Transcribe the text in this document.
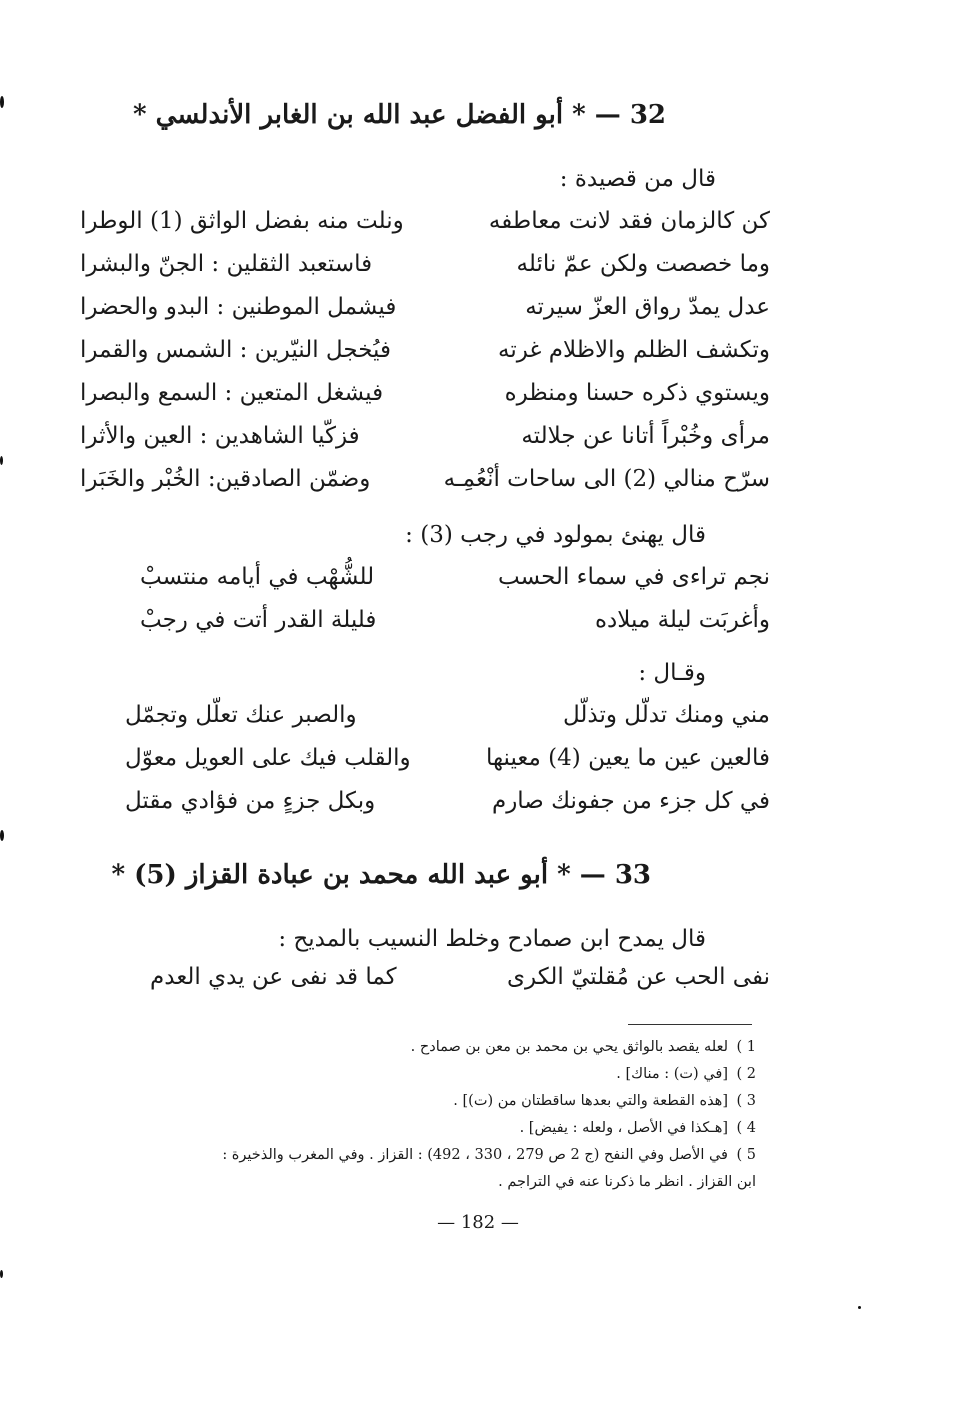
32 — * أبو الفضل عبد الله بن الغابر الأندلسي *
قال من قصيدة :
كن كالزمان فقد لانت معاطفه
ونلت منه بفضل الواثق (1) الوطرا
وما خصصت ولكن عمّ نائله
فاستعبد الثقلين : الجنّ والبشرا
عدل يمدّ رواق العزّ سيرته
فيشمل الموطنين : البدو والحضرا
وتكشف الظلم والاظلام غرته
فيُخجل النيّرين : الشمس والقمرا
ويستوي ذكره حسنا ومنظره
فيشغل المتعين : السمع والبصرا
مرأى وخُبْراً أتانا عن جلالته
فزكّيا الشاهدين : العين والأثرا
سرّح منالي (2) الى ساحات أنْعُمِـه
وضمّن الصادقين: الخُبْر والخَبَرا
قال يهنئ بمولود في رجب (3) :
نجم تراءى في سماء الحسب
للشُّهْب في أيامه منتسبْ
وأغربَت ليلة ميلاده
فليلة القدر أتت في رجبْ
وقـال :
مني ومنك تدلّل وتذلّل
والصبر عنك تعلّل وتجمّل
فالعين عين ما يعين (4) معينها
والقلب فيك على العويل معوّل
في كل جزء من جفونك صارم
وبكل جزءٍ من فؤادي مقتل
33 — * أبو عبد الله محمد بن عبادة القزاز (5) *
قال يمدح ابن صمادح وخلط النسيب بالمديح :
نفى الحب عن مُقلتيّ الكرى
كما قد نفى عن يدي العدم
1 )لعله يقصد بالواثق يحي بن محمد بن معن بن صمادح .
2 )[في (ت) : مناك] .
3 )[هذه القطعة والتي بعدها ساقطتان من (ت)] .
4 )[هـكذا في الأصل ، ولعله : يفيض] .
5 )في الأصل وفي النفح (ج 2 ص 279 ، 330 ، 492) : القزاز . وفي المغرب والذخيرة :
ابن القزاز . انظر ما ذكرنا عنه في التراجم .
— 182 —
